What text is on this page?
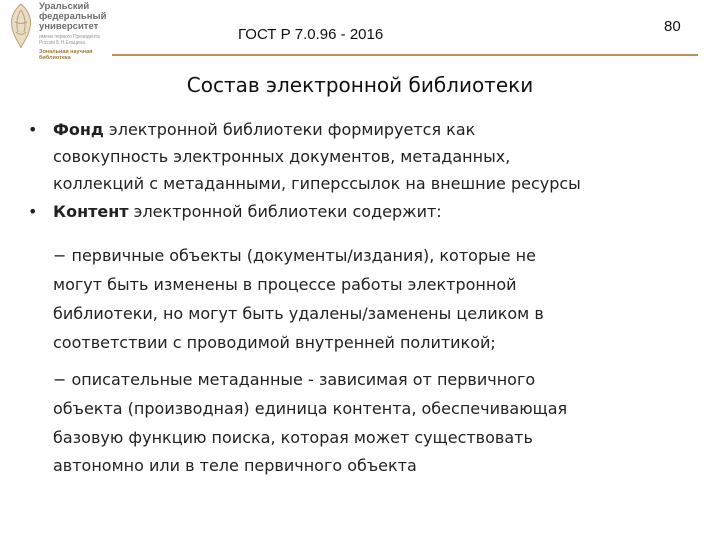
Уральский
федеральный
университет
имени первого Президента
России Б.Н.Ельцина
Зональная научная
библиотека
ГОСТ Р 7.0.96 - 2016	80
Состав электронной библиотеки
• Фонд электронной библиотеки формируется как
совокупность электронных документов, метаданных,
коллекций с метаданными, гиперссылок на внешние ресурсы
• Контент электронной библиотеки содержит:
− первичные объекты (документы/издания), которые не
могут быть изменены в процессе работы электронной
библиотеки, но могут быть удалены/заменены целиком в
соответствии с проводимой внутренней политикой;
− описательные метаданные - зависимая от первичного
объекта (производная) единица контента, обеспечивающая
базовую функцию поиска, которая может существовать
автономно или в теле первичного объекта
